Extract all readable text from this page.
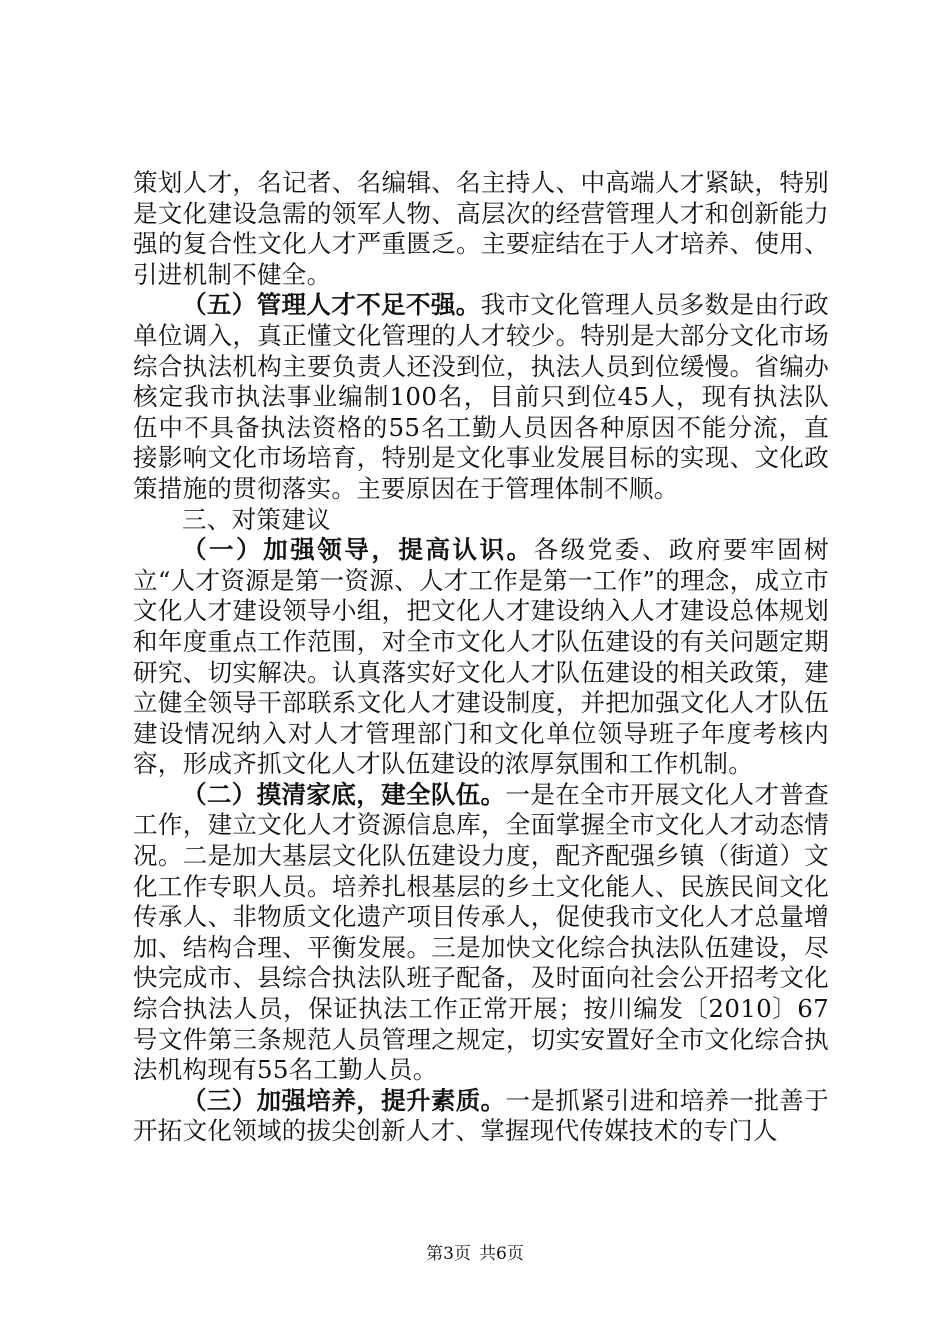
策划人才，名记者、名编辑、名主持人、中高端人才紧缺，特别是文化建设急需的领军人物、高层次的经营管理人才和创新能力强的复合性文化人才严重匮乏。主要症结在于人才培养、使用、引进机制不健全。

（五）管理人才不足不强。我市文化管理人员多数是由行政单位调入，真正懂文化管理的人才较少。特别是大部分文化市场综合执法机构主要负责人还没到位，执法人员到位缓慢。省编办核定我市执法事业编制100名，目前只到位45人，现有执法队伍中不具备执法资格的55名工勤人员因各种原因不能分流，直接影响文化市场培育，特别是文化事业发展目标的实现、文化政策措施的贯彻落实。主要原因在于管理体制不顺。

三、对策建议

（一）加强领导，提高认识。各级党委、政府要牢固树立“人才资源是第一资源、人才工作是第一工作”的理念，成立市文化人才建设领导小组，把文化人才建设纳入人才建设总体规划和年度重点工作范围，对全市文化人才队伍建设的有关问题定期研究、切实解决。认真落实好文化人才队伍建设的相关政策，建立健全领导干部联系文化人才建设制度，并把加强文化人才队伍建设情况纳入对人才管理部门和文化单位领导班子年度考核内容，形成齐抓文化人才队伍建设的浓厚氛围和工作机制。

（二）摸清家底，建全队伍。一是在全市开展文化人才普查工作，建立文化人才资源信息库，全面掌握全市文化人才动态情况。二是加大基层文化队伍建设力度，配齐配强乡镇（街道）文化工作专职人员。培养扎根基层的乡土文化能人、民族民间文化传承人、非物质文化遗产项目传承人，促使我市文化人才总量增加、结构合理、平衡发展。三是加快文化综合执法队伍建设，尽快完成市、县综合执法队班子配备，及时面向社会公开招考文化综合执法人员，保证执法工作正常开展；按川编发〔2010〕67号文件第三条规范人员管理之规定，切实安置好全市文化综合执法机构现有55名工勤人员。

（三）加强培养，提升素质。一是抓紧引进和培养一批善于开拓文化领域的拔尖创新人才、掌握现代传媒技术的专门人

第3页 共6页
